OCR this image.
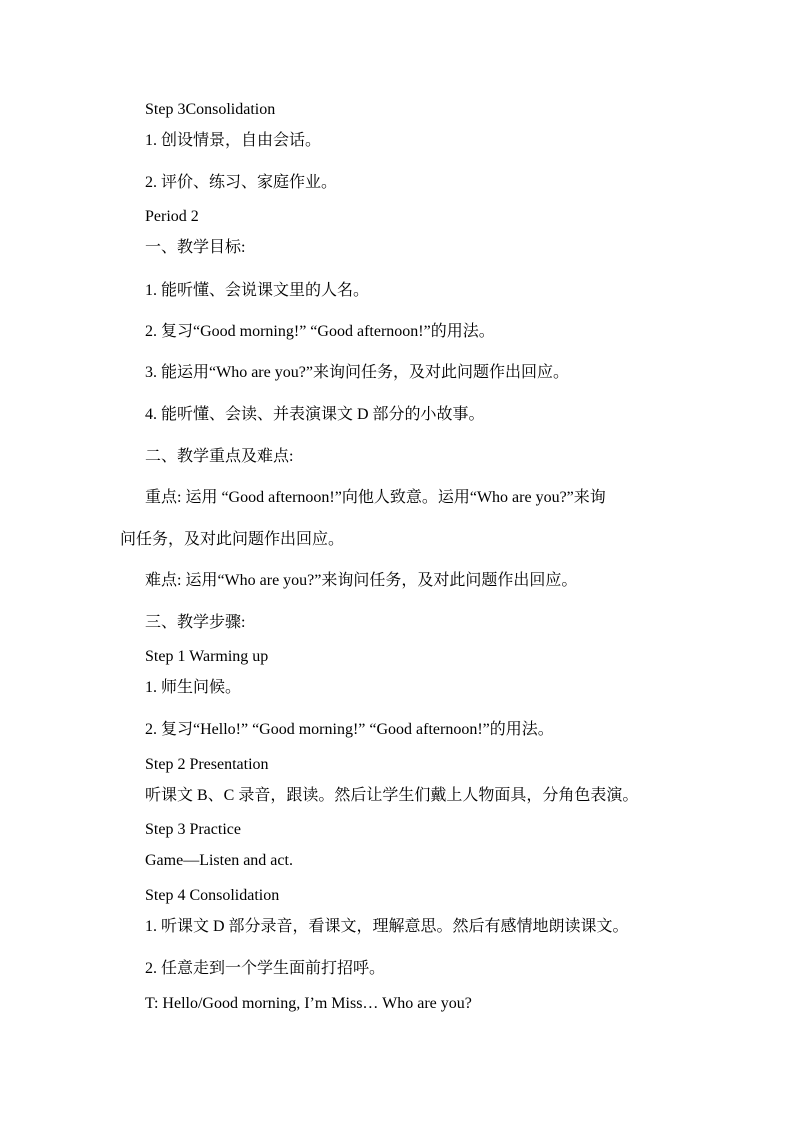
Step 3Consolidation
1. 创设情景，自由会话。
2. 评价、练习、家庭作业。
Period 2
一、教学目标:
1. 能听懂、会说课文里的人名。
2. 复习“Good morning!” “Good afternoon!”的用法。
3. 能运用“Who are you?”来询问任务，及对此问题作出回应。
4. 能听懂、会读、并表演课文 D 部分的小故事。
二、教学重点及难点:
重点: 运用 “Good afternoon!”向他人致意。运用“Who are you?”来询
问任务，及对此问题作出回应。
难点: 运用“Who are you?”来询问任务，及对此问题作出回应。
三、教学步骤:
Step 1 Warming up
1. 师生问候。
2. 复习“Hello!” “Good morning!” “Good afternoon!”的用法。
Step 2 Presentation
听课文 B、C 录音，跟读。然后让学生们戴上人物面具，分角色表演。
Step 3 Practice
Game—Listen and act.
Step 4 Consolidation
1. 听课文 D 部分录音，看课文，理解意思。然后有感情地朗读课文。
2. 任意走到一个学生面前打招呼。
T: Hello/Good morning, I’m Miss… Who are you?
